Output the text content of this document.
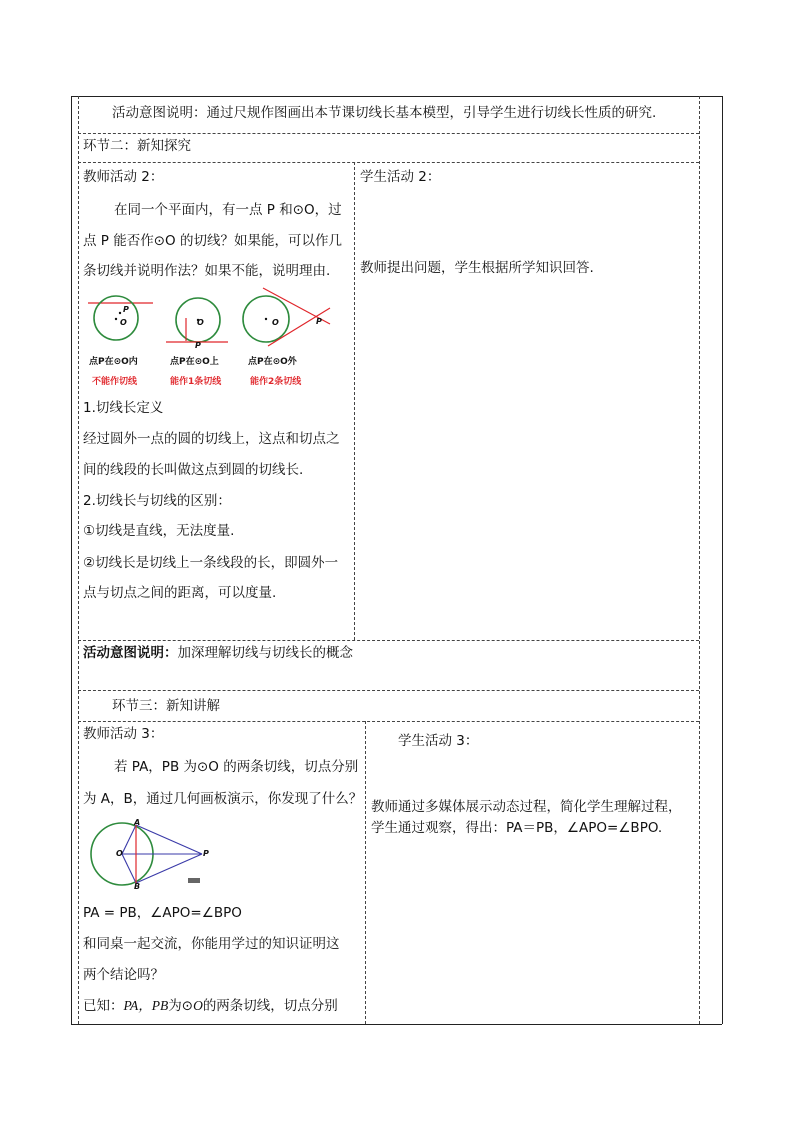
活动意图说明：通过尺规作图画出本节课切线长基本模型，引导学生进行切线长性质的研究.
环节二：新知探究
教师活动 2：	学生活动 2：
在同一个平面内，有一点 P 和⊙O，过
点 P 能否作⊙O 的切线？如果能，可以作几
条切线并说明作法？如果不能，说明理由.
P
O	O
P
O	P
点P在⊙O内	点P在⊙O上	点P在⊙O外
不能作切线	能作1条切线	能作2条切线
1.切线长定义
经过圆外一点的圆的切线上，这点和切点之
间的线段的长叫做这点到圆的切线长.
2.切线长与切线的区别：
①切线是直线，无法度量.
②切线长是切线上一条线段的长，即圆外一
点与切点之间的距离，可以度量.
教师提出问题，学生根据所学知识回答.
活动意图说明：加深理解切线与切线长的概念
环节三：新知讲解
教师活动 3：	学生活动 3：
若 PA，PB 为⊙O 的两条切线，切点分别
为 A，B，通过几何画板演示，你发现了什么？
A
O	P
B
PA = PB，∠APO=∠BPO
和同桌一起交流，你能用学过的知识证明这
两个结论吗？
已知：PA，PB为⊙O的两条切线，切点分别
教师通过多媒体展示动态过程，简化学生理解过程，
学生通过观察，得出：PA＝PB，∠APO=∠BPO.
